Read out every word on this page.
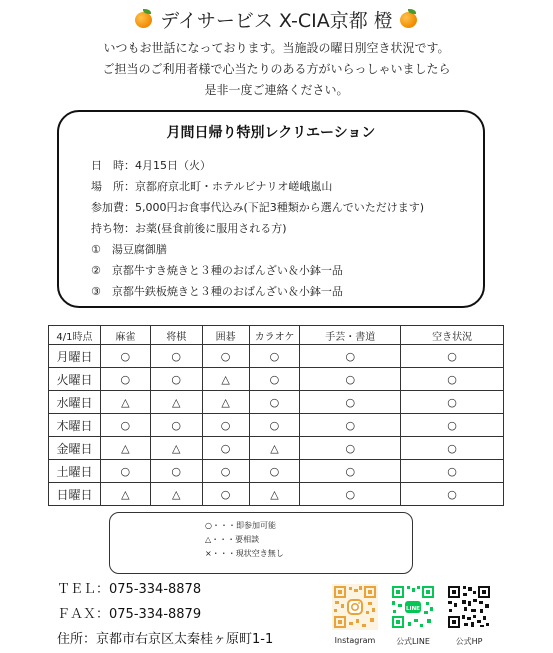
デイサービス X-CIA京都 橙
いつもお世話になっております。当施設の曜日別空き状況です。
ご担当のご利用者様で心当たりのある方がいらっしゃいましたら
是非一度ご連絡ください。
月間日帰り特別レクリエーション
日　時：4月15日（火）
場　所：京都府京北町・ホテルビナリオ嵯峨嵐山
参加費：5,000円お食事代込み(下記3種類から選んでいただけます)
持ち物：お薬(昼食前後に服用される方)
①　湯豆腐御膳
②　京都牛すき焼きと３種のおばんざい＆小鉢一品
③　京都牛鉄板焼きと３種のおばんざい＆小鉢一品
4/1時点	麻雀	将棋	囲碁	カラオケ	手芸・書道	空き状況
月曜日	○	○	○	○	○	○
火曜日	○	○	△	○	○	○
水曜日	△	△	△	○	○	○
木曜日	○	○	○	○	○	○
金曜日	△	△	○	△	○	○
土曜日	○	○	○	○	○	○
日曜日	△	△	○	△	○	○
○・・・即参加可能
△・・・要相談
×・・・現状空き無し
ＴＥＬ：075-334-8878
ＦＡＸ：075-334-8879
住所：京都市右京区太秦桂ヶ原町1-1	Instagram
LINE
公式LINE	公式HP
